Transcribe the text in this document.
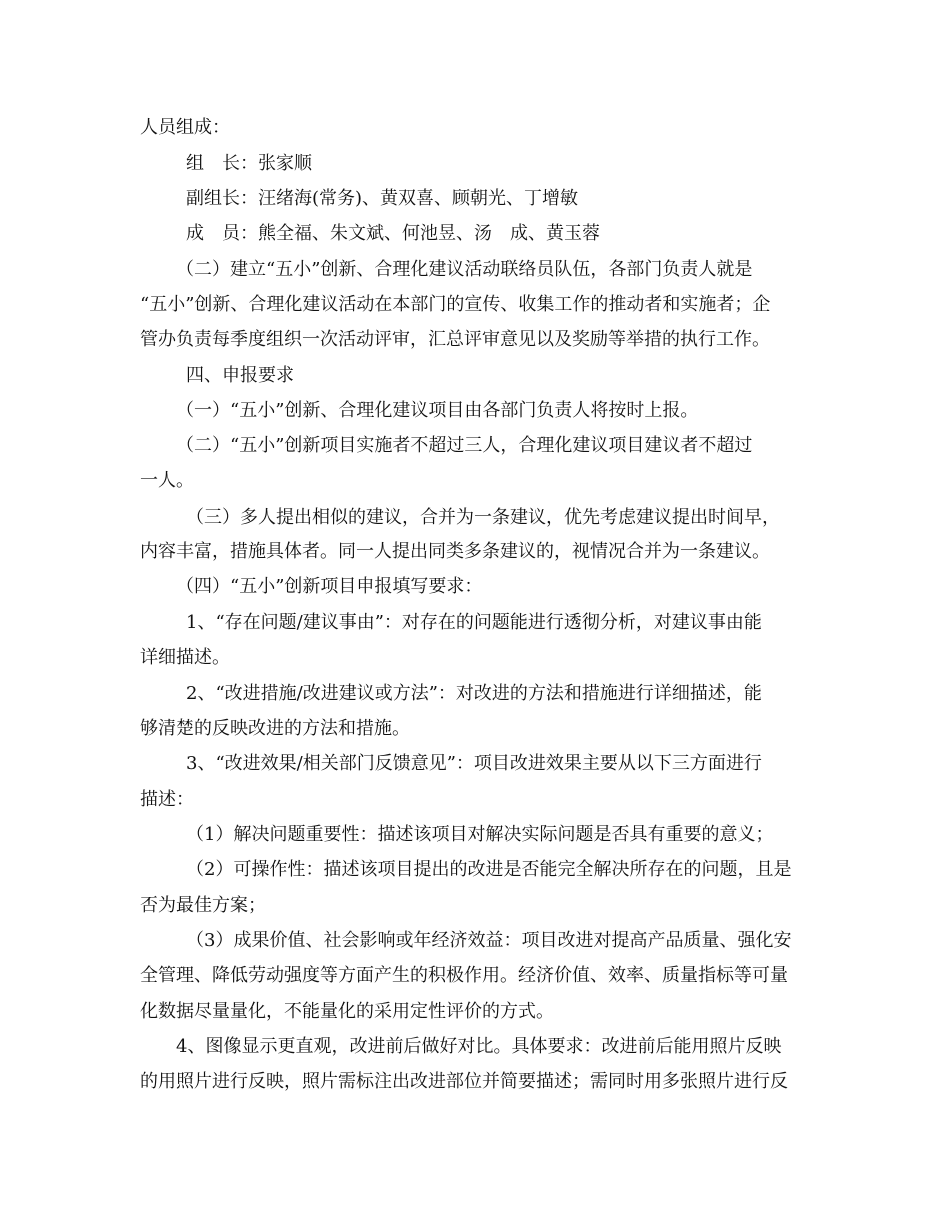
人员组成：
组　长：张家顺
副组长：汪绪海(常务)、黄双喜、顾朝光、丁增敏
成　员：熊全福、朱文斌、何池昱、汤　成、黄玉蓉
（二）建立“五小”创新、合理化建议活动联络员队伍，各部门负责人就是
“五小”创新、合理化建议活动在本部门的宣传、收集工作的推动者和实施者；企
管办负责每季度组织一次活动评审，汇总评审意见以及奖励等举措的执行工作。
四、申报要求
（一）“五小”创新、合理化建议项目由各部门负责人将按时上报。
（二）“五小”创新项目实施者不超过三人，合理化建议项目建议者不超过
一人。
（三）多人提出相似的建议，合并为一条建议，优先考虑建议提出时间早，
内容丰富，措施具体者。同一人提出同类多条建议的，视情况合并为一条建议。
（四）“五小”创新项目申报填写要求：
1、“存在问题/建议事由”：对存在的问题能进行透彻分析，对建议事由能
详细描述。
2、“改进措施/改进建议或方法”：对改进的方法和措施进行详细描述，能
够清楚的反映改进的方法和措施。
3、“改进效果/相关部门反馈意见”：项目改进效果主要从以下三方面进行
描述：
（1）解决问题重要性：描述该项目对解决实际问题是否具有重要的意义；
（2）可操作性：描述该项目提出的改进是否能完全解决所存在的问题，且是
否为最佳方案；
（3）成果价值、社会影响或年经济效益：项目改进对提高产品质量、强化安
全管理、降低劳动强度等方面产生的积极作用。经济价值、效率、质量指标等可量
化数据尽量量化，不能量化的采用定性评价的方式。
4、图像显示更直观，改进前后做好对比。具体要求：改进前后能用照片反映
的用照片进行反映，照片需标注出改进部位并简要描述；需同时用多张照片进行反
